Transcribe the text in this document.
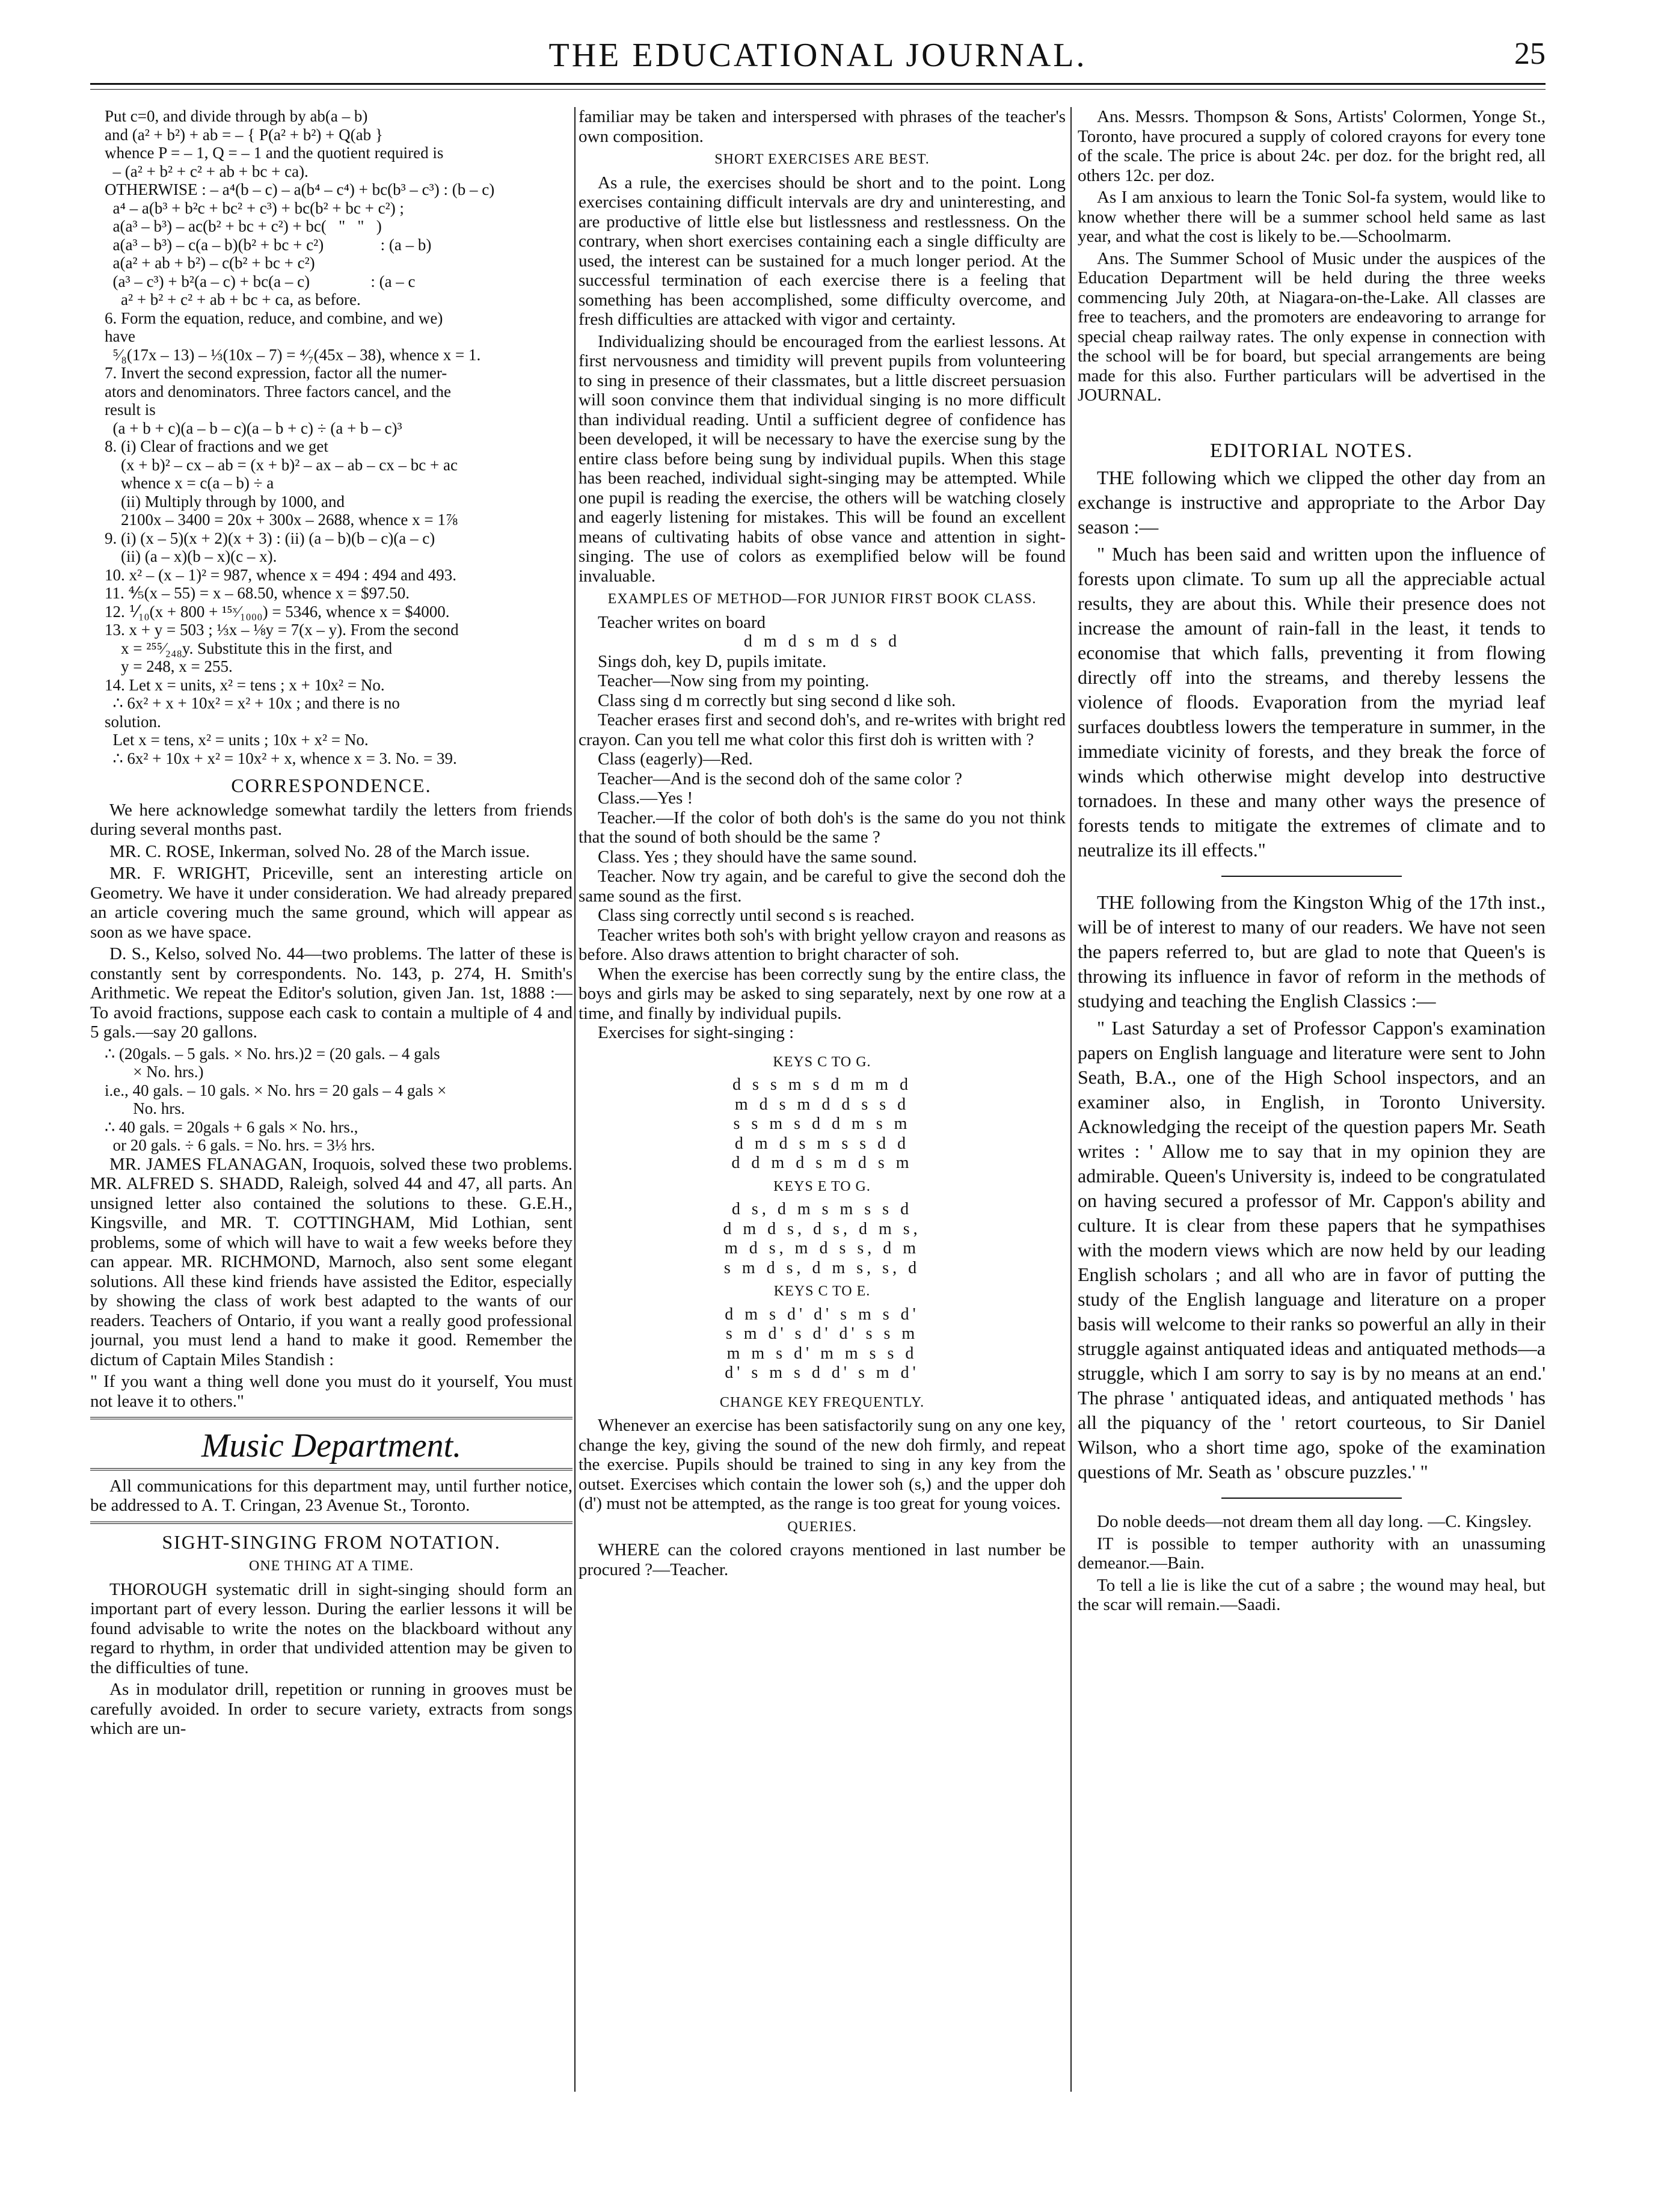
THE EDUCATIONAL JOURNAL.	25
Put c=0, and divide through by ab(a – b)
and (a² + b²) + ab = – { P(a² + b²) + Q(ab }
whence P = – 1, Q = – 1 and the quotient required is
– (a² + b² + c² + ab + bc + ca).
OTHERWISE : – a⁴(b – c) – a(b⁴ – c⁴) + bc(b³ – c³) : (b – c)
a⁴ – a(b³ + b²c + bc² + c³) + bc(b² + bc + c²) ;
a(a³ – b³) – ac(b² + bc + c²) + bc(   "   "   )
a(a³ – b³) – c(a – b)(b² + bc + c²)              : (a – b)
a(a² + ab + b²) – c(b² + bc + c²)
(a³ – c³) + b²(a – c) + bc(a – c)               : (a – c
a² + b² + c² + ab + bc + ca, as before.
6. Form the equation, reduce, and combine, and we)
have
⁵⁄₈(17x – 13) – ⅓(10x – 7) = ⁴⁄₇(45x – 38), whence x = 1.
7. Invert the second expression, factor all the numer-
ators and denominators. Three factors cancel, and the
result is
(a + b + c)(a – b – c)(a – b + c) ÷ (a + b – c)³
8. (i) Clear of fractions and we get
(x + b)² – cx – ab = (x + b)² – ax – ab – cx – bc + ac
whence x = c(a – b) ÷ a
(ii) Multiply through by 1000, and
2100x – 3400 = 20x + 300x – 2688, whence x = 1⅞
9. (i) (x – 5)(x + 2)(x + 3) : (ii) (a – b)(b – c)(a – c)
(ii) (a – x)(b – x)(c – x).
10. x² – (x – 1)² = 987, whence x = 494 : 494 and 493.
11. ⅘(x – 55) = x – 68.50, whence x = $97.50.
12. ⅟₁₀(x + 800 + ¹⁵ˣ⁄₁₀₀₀) = 5346, whence x = $4000.
13. x + y = 503 ; ⅓x – ⅛y = 7(x – y). From the second
x = ²⁵⁵⁄₂₄₈y. Substitute this in the first, and
y = 248, x = 255.
14. Let x = units, x² = tens ; x + 10x² = No.
∴ 6x² + x + 10x² = x² + 10x ; and there is no
solution.
Let x = tens, x² = units ; 10x + x² = No.
∴ 6x² + 10x + x² = 10x² + x, whence x = 3. No. = 39.
CORRESPONDENCE.

We here acknowledge somewhat tardily the letters from friends during several months past.

MR. C. ROSE, Inkerman, solved No. 28 of the March issue.

MR. F. WRIGHT, Priceville, sent an interesting article on Geometry. We have it under consideration. We had already prepared an article covering much the same ground, which will appear as soon as we have space.

D. S., Kelso, solved No. 44—two problems. The latter of these is constantly sent by correspondents. No. 143, p. 274, H. Smith's Arithmetic. We repeat the Editor's solution, given Jan. 1st, 1888 :—To avoid fractions, suppose each cask to contain a multiple of 4 and 5 gals.—say 20 gallons.

∴ (20gals. – 5 gals. × No. hrs.)2 = (20 gals. – 4 gals
× No. hrs.)
i.e., 40 gals. – 10 gals. × No. hrs = 20 gals – 4 gals ×
No. hrs.
∴ 40 gals. = 20gals + 6 gals × No. hrs.,
or 20 gals. ÷ 6 gals. = No. hrs. = 3⅓ hrs.

MR. JAMES FLANAGAN, Iroquois, solved these two problems. MR. ALFRED S. SHADD, Raleigh, solved 44 and 47, all parts. An unsigned letter also contained the solutions to these. G.E.H., Kingsville, and MR. T. COTTINGHAM, Mid Lothian, sent problems, some of which will have to wait a few weeks before they can appear. MR. RICHMOND, Marnoch, also sent some elegant solutions. All these kind friends have assisted the Editor, especially by showing the class of work best adapted to the wants of our readers. Teachers of Ontario, if you want a really good professional journal, you must lend a hand to make it good. Remember the dictum of Captain Miles Standish :

" If you want a thing well done you must do it yourself, You must not leave it to others."

Music Department.

All communications for this department may, until further notice, be addressed to A. T. Cringan, 23 Avenue St., Toronto.

SIGHT-SINGING FROM NOTATION.
ONE THING AT A TIME.

THOROUGH systematic drill in sight-singing should form an important part of every lesson. During the earlier lessons it will be found advisable to write the notes on the blackboard without any regard to rhythm, in order that undivided attention may be given to the difficulties of tune.

As in modulator drill, repetition or running in grooves must be carefully avoided. In order to secure variety, extracts from songs which are un-

familiar may be taken and interspersed with phrases of the teacher's own composition.

SHORT EXERCISES ARE BEST.

As a rule, the exercises should be short and to the point. Long exercises containing difficult intervals are dry and uninteresting, and are productive of little else but listlessness and restlessness. On the contrary, when short exercises containing each a single difficulty are used, the interest can be sustained for a much longer period. At the successful termination of each exercise there is a feeling that something has been accomplished, some difficulty overcome, and fresh difficulties are attacked with vigor and certainty.

Individualizing should be encouraged from the earliest lessons. At first nervousness and timidity will prevent pupils from volunteering to sing in presence of their classmates, but a little discreet persuasion will soon convince them that individual singing is no more difficult than individual reading. Until a sufficient degree of confidence has been developed, it will be necessary to have the exercise sung by the entire class before being sung by individual pupils. When this stage has been reached, individual sight-singing may be attempted. While one pupil is reading the exercise, the others will be watching closely and eagerly listening for mistakes. This will be found an excellent means of cultivating habits of obse vance and attention in sight-singing. The use of colors as exemplified below will be found invaluable.

EXAMPLES OF METHOD—FOR JUNIOR FIRST BOOK CLASS.

Teacher writes on board

d m d s m d s d

Sings doh, key D, pupils imitate.

Teacher—Now sing from my pointing.

Class sing d m correctly but sing second d like soh.

Teacher erases first and second doh's, and re-writes with bright red crayon. Can you tell me what color this first doh is written with ?

Class (eagerly)—Red.

Teacher—And is the second doh of the same color ?

Class.—Yes !

Teacher.—If the color of both doh's is the same do you not think that the sound of both should be the same ?

Class. Yes ; they should have the same sound.

Teacher. Now try again, and be careful to give the second doh the same sound as the first.

Class sing correctly until second s is reached.

Teacher writes both soh's with bright yellow crayon and reasons as before. Also draws attention to bright character of soh.

When the exercise has been correctly sung by the entire class, the boys and girls may be asked to sing separately, next by one row at a time, and finally by individual pupils.

Exercises for sight-singing :

KEYS C TO G.
d s s m s d m m d
m d s m d d s s d
s s m s d d m s m
d m d s m s s d d
d d m d s m d s m
KEYS E TO G.
d s, d m s m s s d
d m d s, d s, d m s,
m d s, m d s s, d m
s m d s, d m s, s, d
KEYS C TO E.
d m s d' d' s m s d'
s m d' s d' d' s s m
m m s d' m m s s d
d' s m s d d' s m d'
CHANGE KEY FREQUENTLY.

Whenever an exercise has been satisfactorily sung on any one key, change the key, giving the sound of the new doh firmly, and repeat the exercise. Pupils should be trained to sing in any key from the outset. Exercises which contain the lower soh (s,) and the upper doh (d') must not be attempted, as the range is too great for young voices.

QUERIES.

WHERE can the colored crayons mentioned in last number be procured ?—Teacher.

Ans. Messrs. Thompson & Sons, Artists' Colormen, Yonge St., Toronto, have procured a supply of colored crayons for every tone of the scale. The price is about 24c. per doz. for the bright red, all others 12c. per doz.

As I am anxious to learn the Tonic Sol-fa system, would like to know whether there will be a summer school held same as last year, and what the cost is likely to be.—Schoolmarm.

Ans. The Summer School of Music under the auspices of the Education Department will be held during the three weeks commencing July 20th, at Niagara-on-the-Lake. All classes are free to teachers, and the promoters are endeavoring to arrange for special cheap railway rates. The only expense in connection with the school will be for board, but special arrangements are being made for this also. Further particulars will be advertised in the JOURNAL.

EDITORIAL NOTES.

THE following which we clipped the other day from an exchange is instructive and appropriate to the Arbor Day season :—

" Much has been said and written upon the influence of forests upon climate. To sum up all the appreciable actual results, they are about this. While their presence does not increase the amount of rain-fall in the least, it tends to economise that which falls, preventing it from flowing directly off into the streams, and thereby lessens the violence of floods. Evaporation from the myriad leaf surfaces doubtless lowers the temperature in summer, in the immediate vicinity of forests, and they break the force of winds which otherwise might develop into destructive tornadoes. In these and many other ways the presence of forests tends to mitigate the extremes of climate and to neutralize its ill effects."

THE following from the Kingston Whig of the 17th inst., will be of interest to many of our readers. We have not seen the papers referred to, but are glad to note that Queen's is throwing its influence in favor of reform in the methods of studying and teaching the English Classics :—

" Last Saturday a set of Professor Cappon's examination papers on English language and literature were sent to John Seath, B.A., one of the High School inspectors, and an examiner also, in English, in Toronto University. Acknowledging the receipt of the question papers Mr. Seath writes : ' Allow me to say that in my opinion they are admirable. Queen's University is, indeed to be congratulated on having secured a professor of Mr. Cappon's ability and culture. It is clear from these papers that he sympathises with the modern views which are now held by our leading English scholars ; and all who are in favor of putting the study of the English language and literature on a proper basis will welcome to their ranks so powerful an ally in their struggle against antiquated ideas and antiquated methods—a struggle, which I am sorry to say is by no means at an end.' The phrase ' antiquated ideas, and antiquated methods ' has all the piquancy of the ' retort courteous, to Sir Daniel Wilson, who a short time ago, spoke of the examination questions of Mr. Seath as ' obscure puzzles.' "

Do noble deeds—not dream them all day long. —C. Kingsley.

IT is possible to temper authority with an unassuming demeanor.—Bain.

To tell a lie is like the cut of a sabre ; the wound may heal, but the scar will remain.—Saadi.
